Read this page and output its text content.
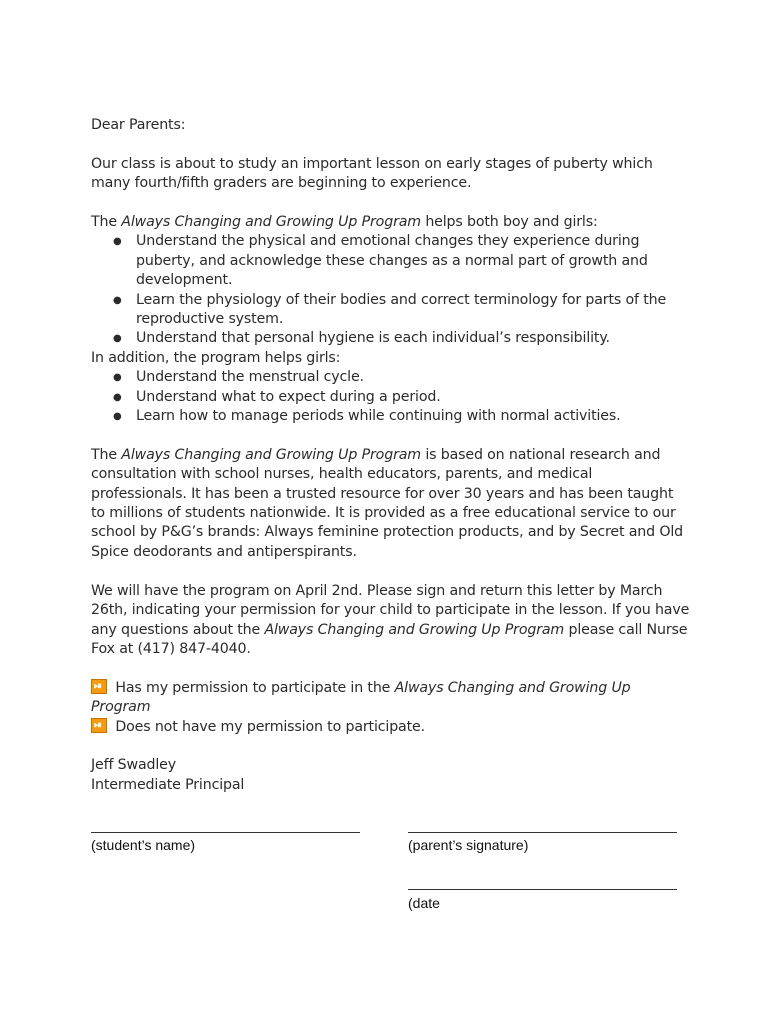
Dear Parents:

Our class is about to study an important lesson on early stages of puberty which many fourth/fifth graders are beginning to experience.

The Always Changing and Growing Up Program helps both boy and girls:

● Understand the physical and emotional changes they experience during puberty, and acknowledge these changes as a normal part of growth and development.
● Learn the physiology of their bodies and correct terminology for parts of the reproductive system.
● Understand that personal hygiene is each individual’s responsibility.

In addition, the program helps girls:

● Understand the menstrual cycle.
● Understand what to expect during a period.
● Learn how to manage periods while continuing with normal activities.

The Always Changing and Growing Up Program is based on national research and consultation with school nurses, health educators, parents, and medical professionals. It has been a trusted resource for over 30 years and has been taught to millions of students nationwide. It is provided as a free educational service to our school by P&G’s brands: Always feminine protection products, and by Secret and Old Spice deodorants and antiperspirants.

We will have the program on April 2nd. Please sign and return this letter by March 26th, indicating your permission for your child to participate in the lesson. If you have any questions about the Always Changing and Growing Up Program please call Nurse Fox at (417) 847-4040.

⏯ Has my permission to participate in the Always Changing and Growing Up Program

⏯ Does not have my permission to participate.

Jeff Swadley

Intermediate Principal

(student’s name)	(parent’s signature)
(date
